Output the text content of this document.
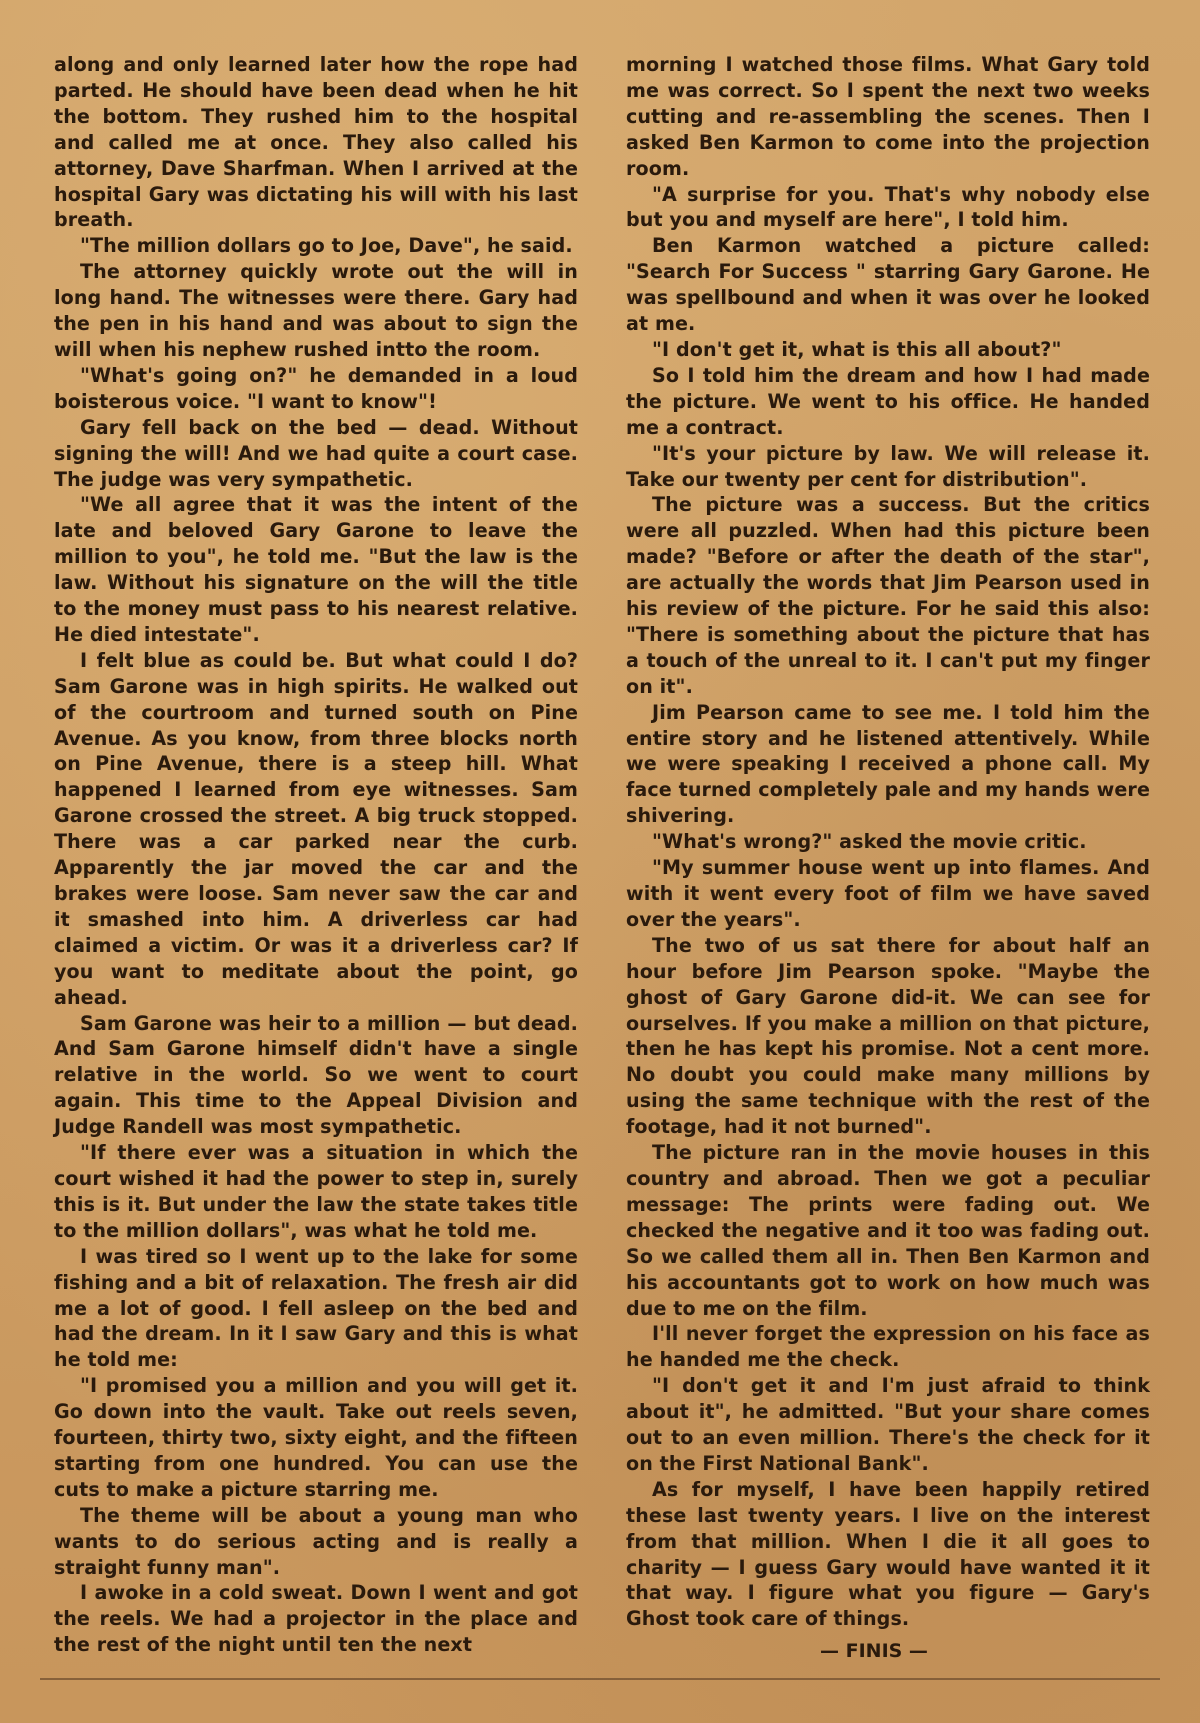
along and only learned later how the rope had parted. He should have been dead when he hit the bottom. They rushed him to the hospital and called me at once. They also called his attorney, Dave Sharfman. When I arrived at the hospital Gary was dictating his will with his last breath.

"The million dollars go to Joe, Dave", he said.

The attorney quickly wrote out the will in long hand. The witnesses were there. Gary had the pen in his hand and was about to sign the will when his nephew rushed intto the room.

"What's going on?" he demanded in a loud boisterous voice. "I want to know"!

Gary fell back on the bed — dead. Without signing the will! And we had quite a court case. The judge was very sympathetic.

"We all agree that it was the intent of the late and beloved Gary Garone to leave the million to you", he told me. "But the law is the law. Without his signature on the will the title to the money must pass to his nearest relative. He died intestate".

I felt blue as could be. But what could I do? Sam Garone was in high spirits. He walked out of the courtroom and turned south on Pine Avenue. As you know, from three blocks north on Pine Avenue, there is a steep hill. What happened I learned from eye witnesses. Sam Garone crossed the street. A big truck stopped. There was a car parked near the curb. Apparently the jar moved the car and the brakes were loose. Sam never saw the car and it smashed into him. A driverless car had claimed a victim. Or was it a driverless car? If you want to meditate about the point, go ahead.

Sam Garone was heir to a million — but dead. And Sam Garone himself didn't have a single relative in the world. So we went to court again. This time to the Appeal Division and Judge Randell was most sympathetic.

"If there ever was a situation in which the court wished it had the power to step in, surely this is it. But under the law the state takes title to the million dollars", was what he told me.

I was tired so I went up to the lake for some fishing and a bit of relaxation. The fresh air did me a lot of good. I fell asleep on the bed and had the dream. In it I saw Gary and this is what he told me:

"I promised you a million and you will get it. Go down into the vault. Take out reels seven, fourteen, thirty two, sixty eight, and the fifteen starting from one hundred. You can use the cuts to make a picture starring me.

The theme will be about a young man who wants to do serious acting and is really a straight funny man".

I awoke in a cold sweat. Down I went and got the reels. We had a projector in the place and the rest of the night until ten the next

morning I watched those films. What Gary told me was correct. So I spent the next two weeks cutting and re-assembling the scenes. Then I asked Ben Karmon to come into the projection room.

"A surprise for you. That's why nobody else but you and myself are here", I told him.

Ben Karmon watched a picture called: "Search For Success " starring Gary Garone. He was spellbound and when it was over he looked at me.

"I don't get it, what is this all about?"

So I told him the dream and how I had made the picture. We went to his office. He handed me a contract.

"It's your picture by law. We will release it. Take our twenty per cent for distribution".

The picture was a success. But the critics were all puzzled. When had this picture been made? "Before or after the death of the star", are actually the words that Jim Pearson used in his review of the picture. For he said this also: "There is something about the picture that has a touch of the unreal to it. I can't put my finger on it".

Jim Pearson came to see me. I told him the entire story and he listened attentively. While we were speaking I received a phone call. My face turned completely pale and my hands were shivering.

"What's wrong?" asked the movie critic.

"My summer house went up into flames. And with it went every foot of film we have saved over the years".

The two of us sat there for about half an hour before Jim Pearson spoke. "Maybe the ghost of Gary Garone did-it. We can see for ourselves. If you make a million on that picture, then he has kept his promise. Not a cent more. No doubt you could make many millions by using the same technique with the rest of the footage, had it not burned".

The picture ran in the movie houses in this country and abroad. Then we got a peculiar message: The prints were fading out. We checked the negative and it too was fading out. So we called them all in. Then Ben Karmon and his accountants got to work on how much was due to me on the film.

I'll never forget the expression on his face as he handed me the check.

"I don't get it and I'm just afraid to think about it", he admitted. "But your share comes out to an even million. There's the check for it on the First National Bank".

As for myself, I have been happily retired these last twenty years. I live on the interest from that million. When I die it all goes to charity — I guess Gary would have wanted it it that way. I figure what you figure — Gary's Ghost took care of things.

— FINIS —
